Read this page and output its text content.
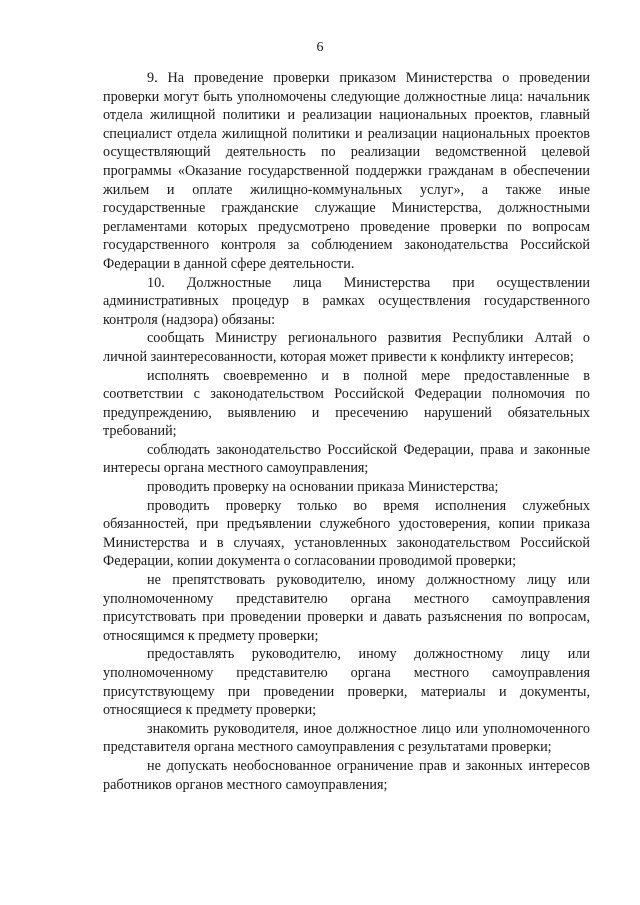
6

9. На проведение проверки приказом Министерства о проведении проверки могут быть уполномочены следующие должностные лица: начальник отдела жилищной политики и реализации национальных проектов, главный специалист отдела жилищной политики и реализации национальных проектов осуществляющий деятельность по реализации ведомственной целевой программы «Оказание государственной поддержки гражданам в обеспечении жильем и оплате жилищно-коммунальных услуг», а также иные государственные гражданские служащие Министерства, должностными регламентами которых предусмотрено проведение проверки по вопросам государственного контроля за соблюдением законодательства Российской Федерации в данной сфере деятельности.

10. Должностные лица Министерства при осуществлении административных процедур в рамках осуществления государственного контроля (надзора) обязаны:

сообщать Министру регионального развития Республики Алтай о личной заинтересованности, которая может привести к конфликту интересов;

исполнять своевременно и в полной мере предоставленные в соответствии с законодательством Российской Федерации полномочия по предупреждению, выявлению и пресечению нарушений обязательных требований;

соблюдать законодательство Российской Федерации, права и законные интересы органа местного самоуправления;

проводить проверку на основании приказа Министерства;

проводить проверку только во время исполнения служебных обязанностей, при предъявлении служебного удостоверения, копии приказа Министерства и в случаях, установленных законодательством Российской Федерации, копии документа о согласовании проводимой проверки;

не препятствовать руководителю, иному должностному лицу или уполномоченному представителю органа местного самоуправления присутствовать при проведении проверки и давать разъяснения по вопросам, относящимся к предмету проверки;

предоставлять руководителю, иному должностному лицу или уполномоченному представителю органа местного самоуправления присутствующему при проведении проверки, материалы и документы, относящиеся к предмету проверки;

знакомить руководителя, иное должностное лицо или уполномоченного представителя органа местного самоуправления с результатами проверки;

не допускать необоснованное ограничение прав и законных интересов работников органов местного самоуправления;
